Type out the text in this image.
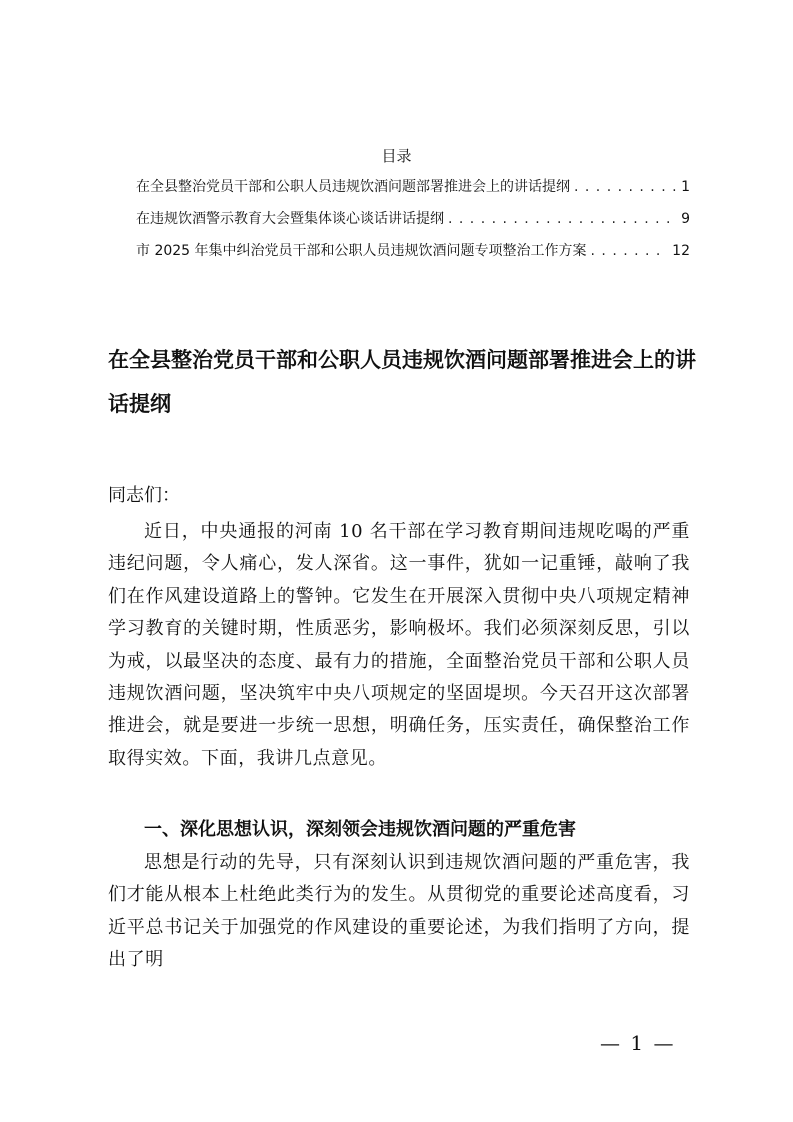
目录
在全县整治党员干部和公职人员违规饮酒问题部署推进会上的讲话提纲 . . .	1
在违规饮酒警示教育大会暨集体谈心谈话讲话提纲 . . .	9
市 2025 年集中纠治党员干部和公职人员违规饮酒问题专项整治工作方案 . . .	12
在全县整治党员干部和公职人员违规饮酒问题部署推进会上的讲话提纲

同志们：

近日，中央通报的河南 10 名干部在学习教育期间违规吃喝的严重违纪问题，令人痛心，发人深省。这一事件，犹如一记重锤，敲响了我们在作风建设道路上的警钟。它发生在开展深入贯彻中央八项规定精神学习教育的关键时期，性质恶劣，影响极坏。我们必须深刻反思，引以为戒，以最坚决的态度、最有力的措施，全面整治党员干部和公职人员违规饮酒问题，坚决筑牢中央八项规定的坚固堤坝。今天召开这次部署推进会，就是要进一步统一思想，明确任务，压实责任，确保整治工作取得实效。下面，我讲几点意见。

一、深化思想认识，深刻领会违规饮酒问题的严重危害

思想是行动的先导，只有深刻认识到违规饮酒问题的严重危害，我们才能从根本上杜绝此类行为的发生。从贯彻党的重要论述高度看，习近平总书记关于加强党的作风建设的重要论述，为我们指明了方向，提出了明

— 1 —
